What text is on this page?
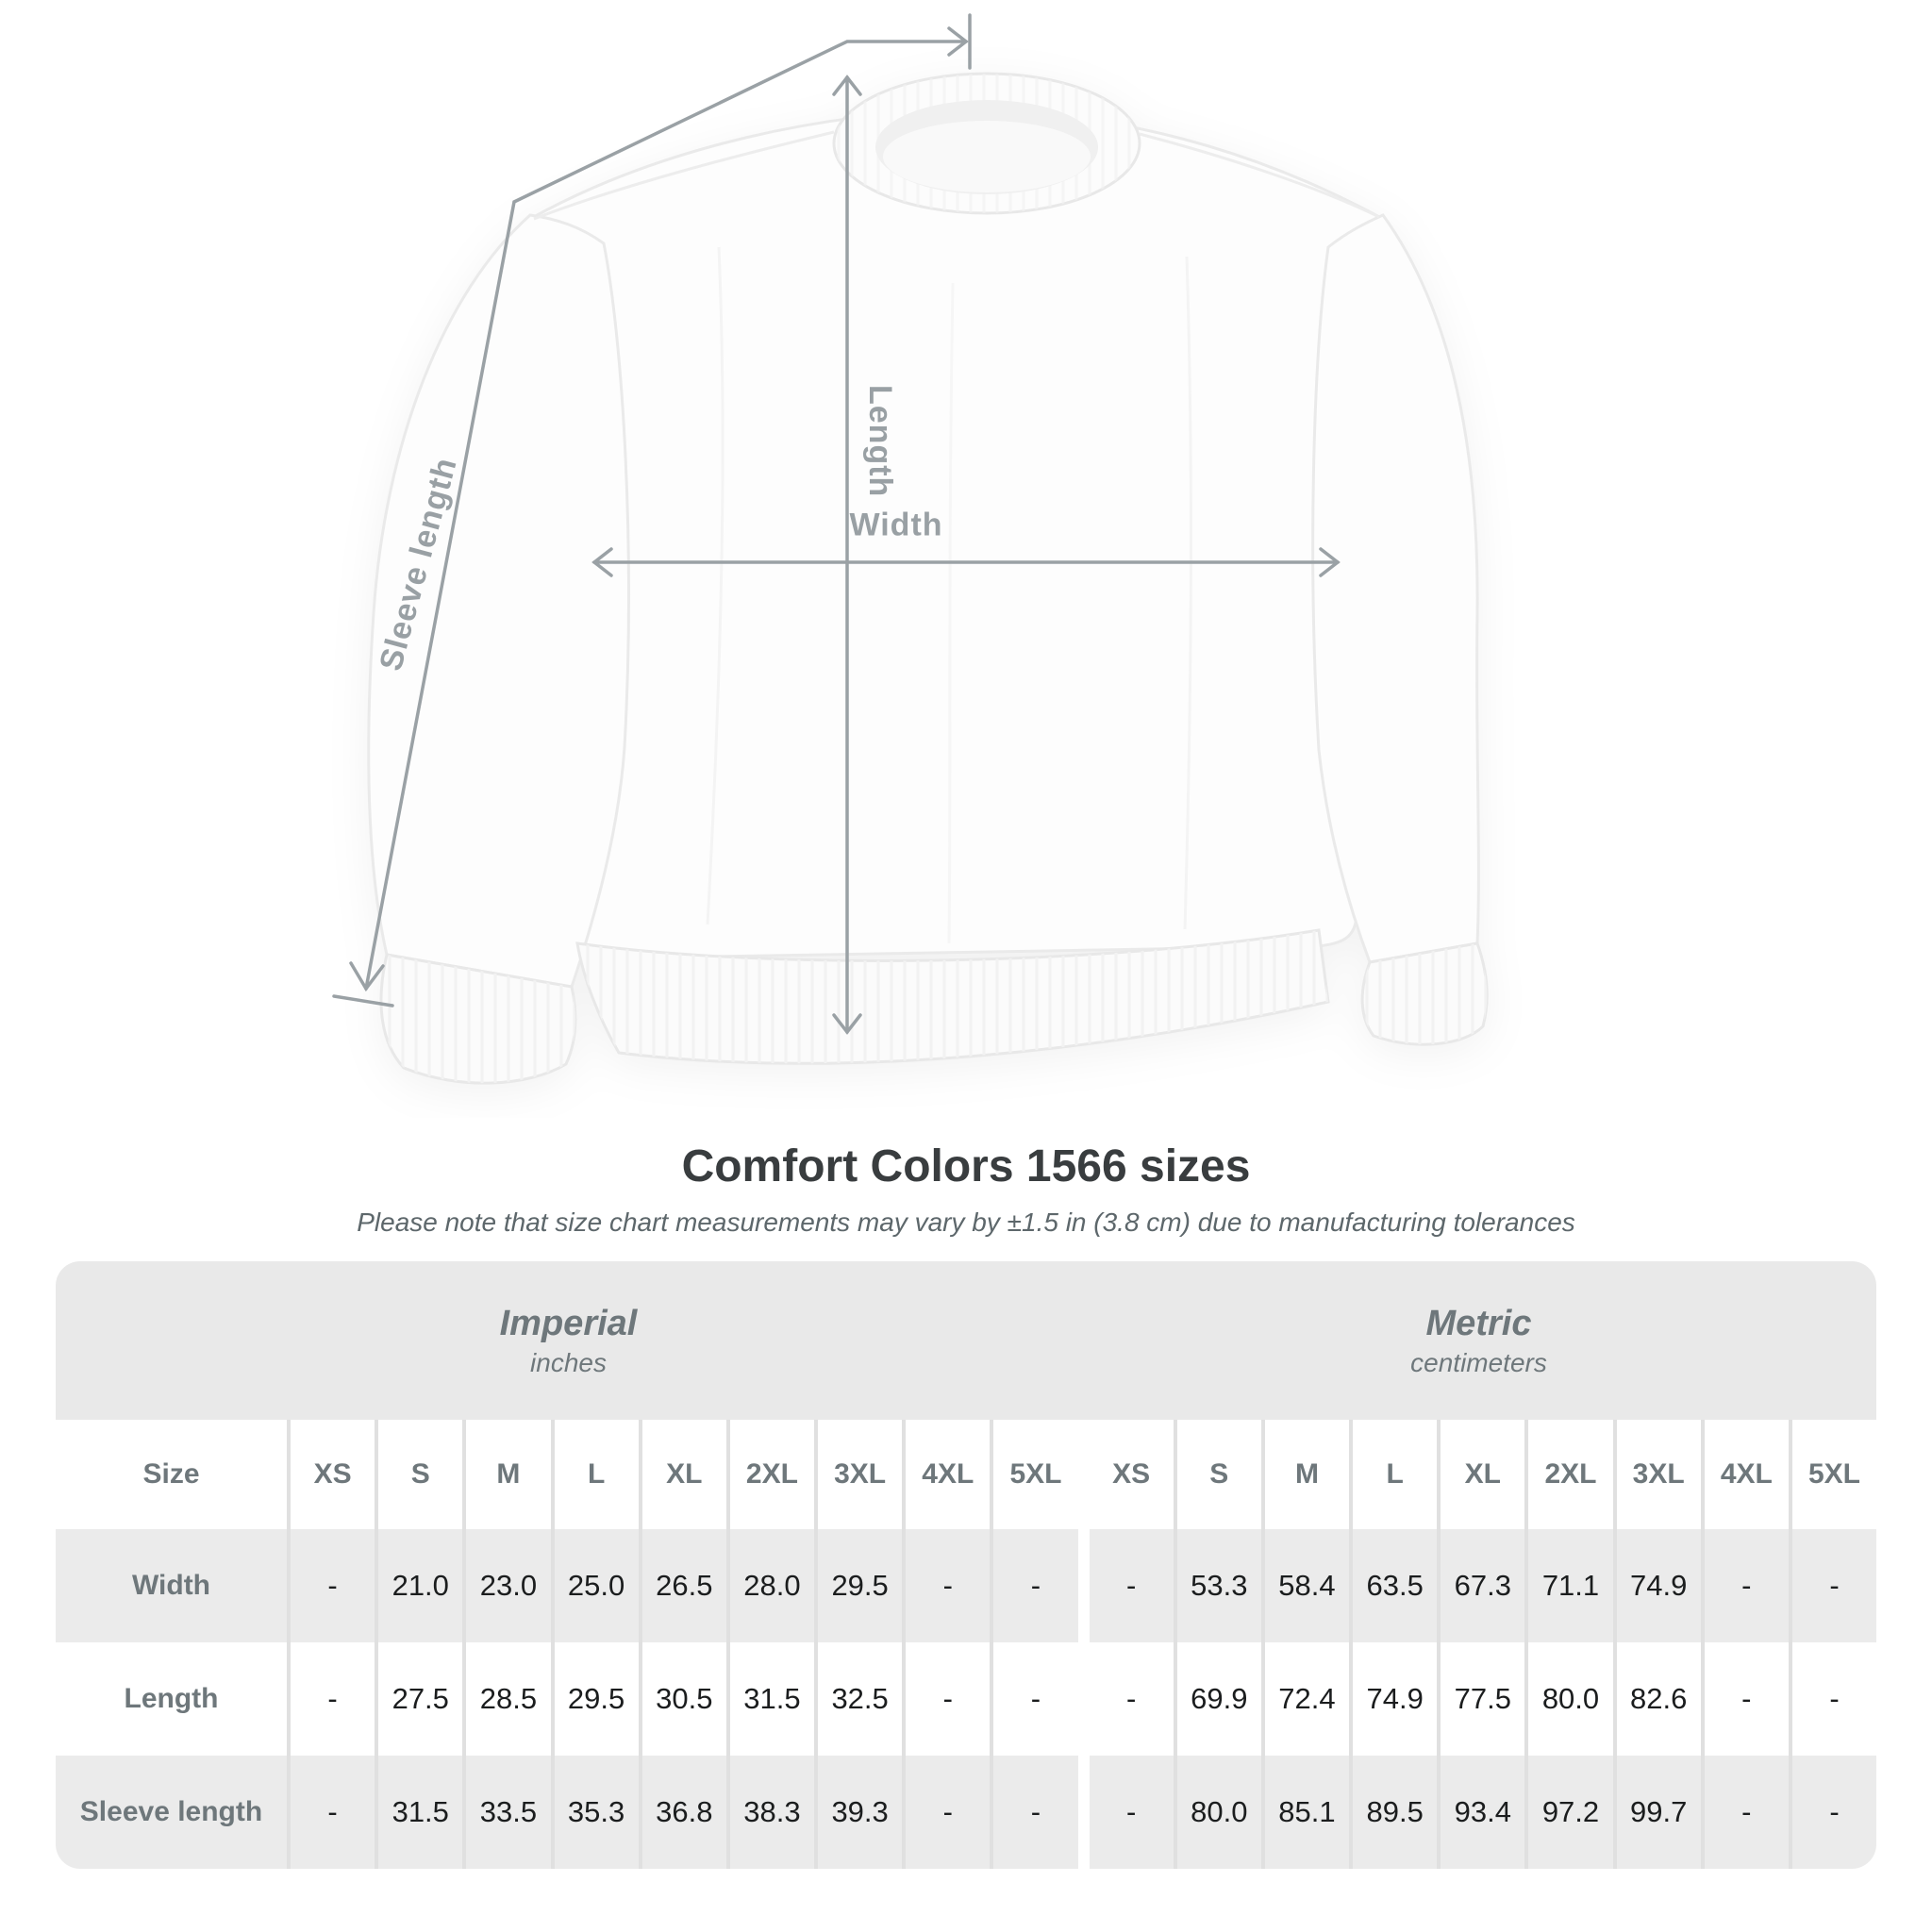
Length
Width
Sleeve length
Comfort Colors 1566 sizes

Please note that size chart measurements may vary by ±1.5 in (3.8 cm) due to manufacturing tolerances

Imperial
inches
Metric
centimeters
Size	XS	S	M	L	XL	2XL	3XL	4XL	5XL	XS	S	M	L	XL	2XL	3XL	4XL	5XL
Width	-	21.0	23.0	25.0	26.5	28.0	29.5	-	-	-	53.3	58.4	63.5	67.3	71.1	74.9	-	-
Length	-	27.5	28.5	29.5	30.5	31.5	32.5	-	-	-	69.9	72.4	74.9	77.5	80.0	82.6	-	-
Sleeve length	-	31.5	33.5	35.3	36.8	38.3	39.3	-	-	-	80.0	85.1	89.5	93.4	97.2	99.7	-	-
